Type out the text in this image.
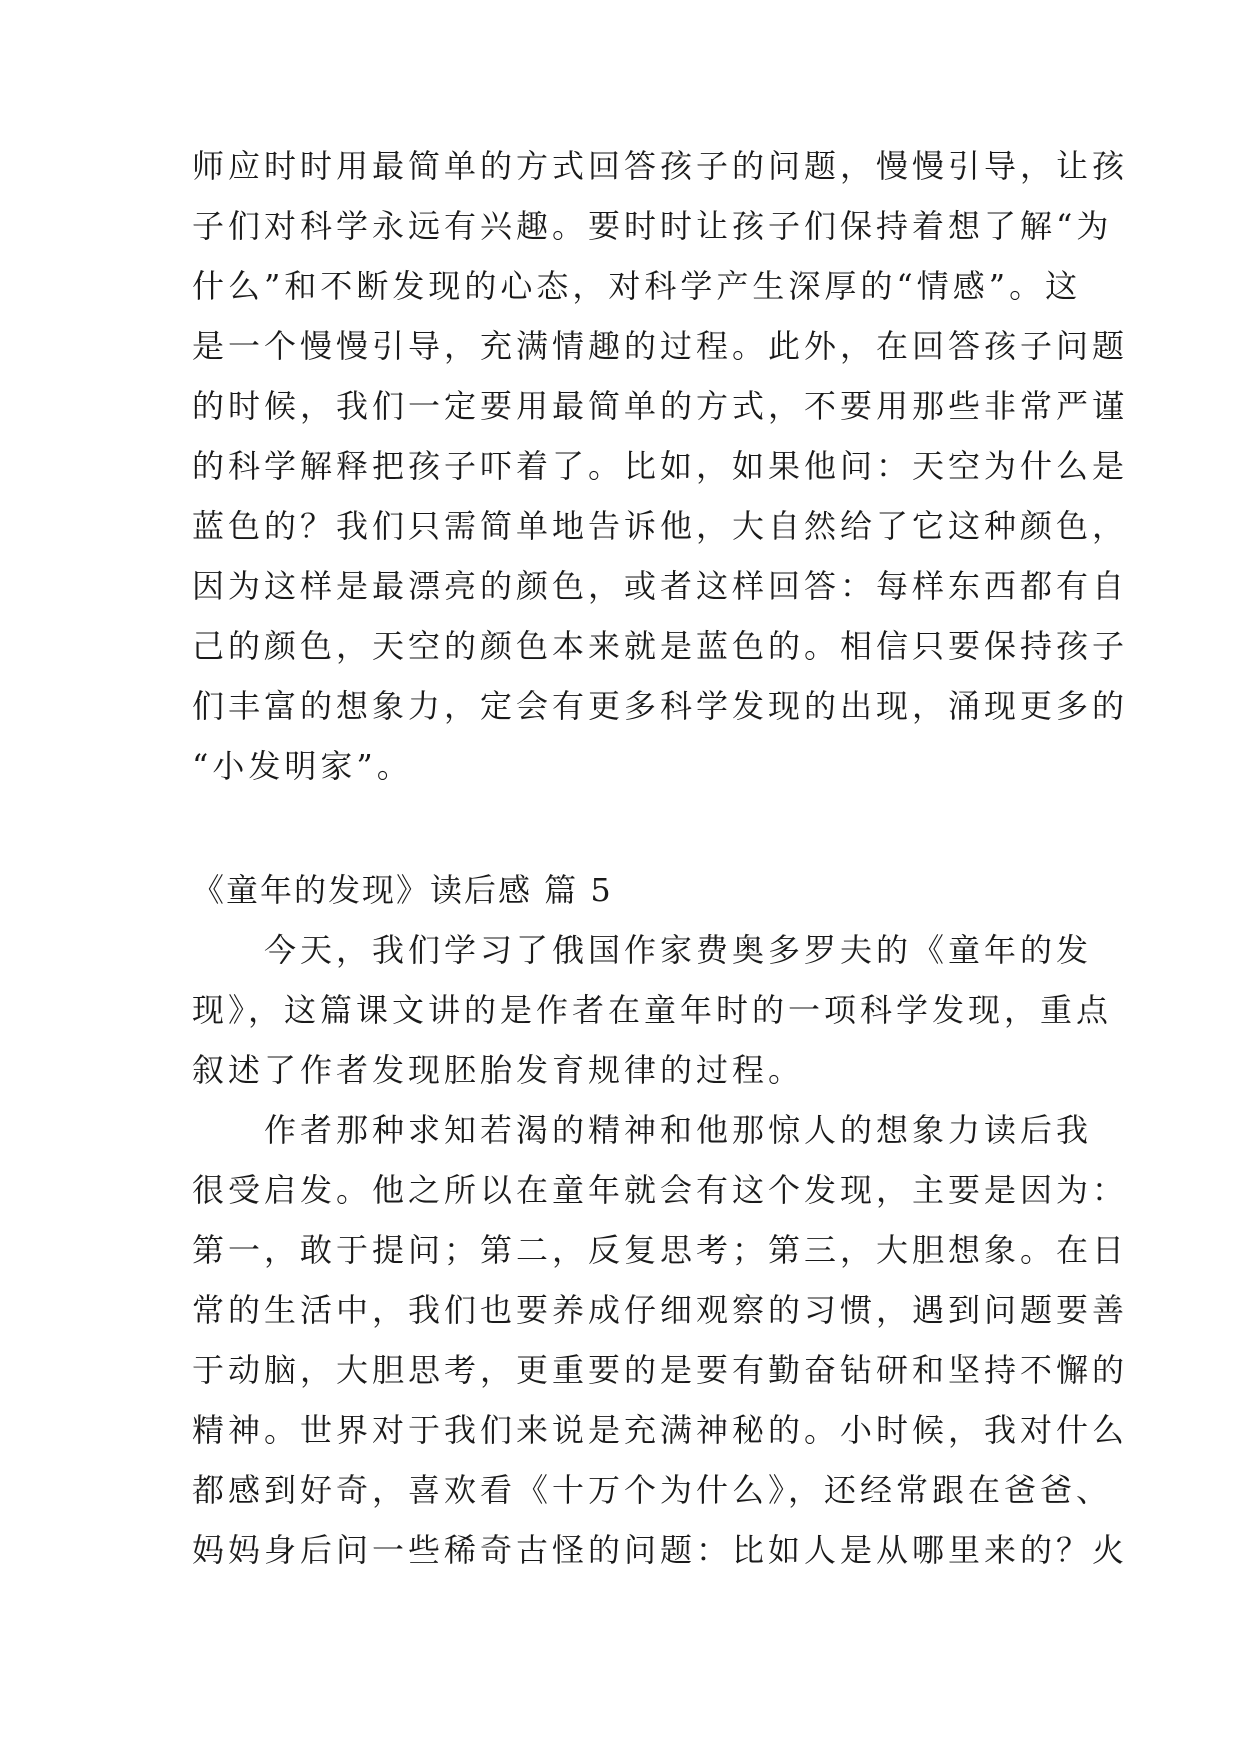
师应时时用最简单的方式回答孩子的问题，慢慢引导，让孩
子们对科学永远有兴趣。要时时让孩子们保持着想了解“为
什么”和不断发现的心态，对科学产生深厚的“情感”。这
是一个慢慢引导，充满情趣的过程。此外，在回答孩子问题
的时候，我们一定要用最简单的方式，不要用那些非常严谨
的科学解释把孩子吓着了。比如，如果他问：天空为什么是
蓝色的？我们只需简单地告诉他，大自然给了它这种颜色，
因为这样是最漂亮的颜色，或者这样回答：每样东西都有自
己的颜色，天空的颜色本来就是蓝色的。相信只要保持孩子
们丰富的想象力，定会有更多科学发现的出现，涌现更多的
“小发明家”。
《童年的发现》读后感 篇 5
　　今天，我们学习了俄国作家费奥多罗夫的《童年的发
现》，这篇课文讲的是作者在童年时的一项科学发现，重点
叙述了作者发现胚胎发育规律的过程。
　　作者那种求知若渴的精神和他那惊人的想象力读后我
很受启发。他之所以在童年就会有这个发现，主要是因为：
第一，敢于提问；第二，反复思考；第三，大胆想象。在日
常的生活中，我们也要养成仔细观察的习惯，遇到问题要善
于动脑，大胆思考，更重要的是要有勤奋钻研和坚持不懈的
精神。世界对于我们来说是充满神秘的。小时候，我对什么
都感到好奇，喜欢看《十万个为什么》，还经常跟在爸爸、
妈妈身后问一些稀奇古怪的问题：比如人是从哪里来的？火
